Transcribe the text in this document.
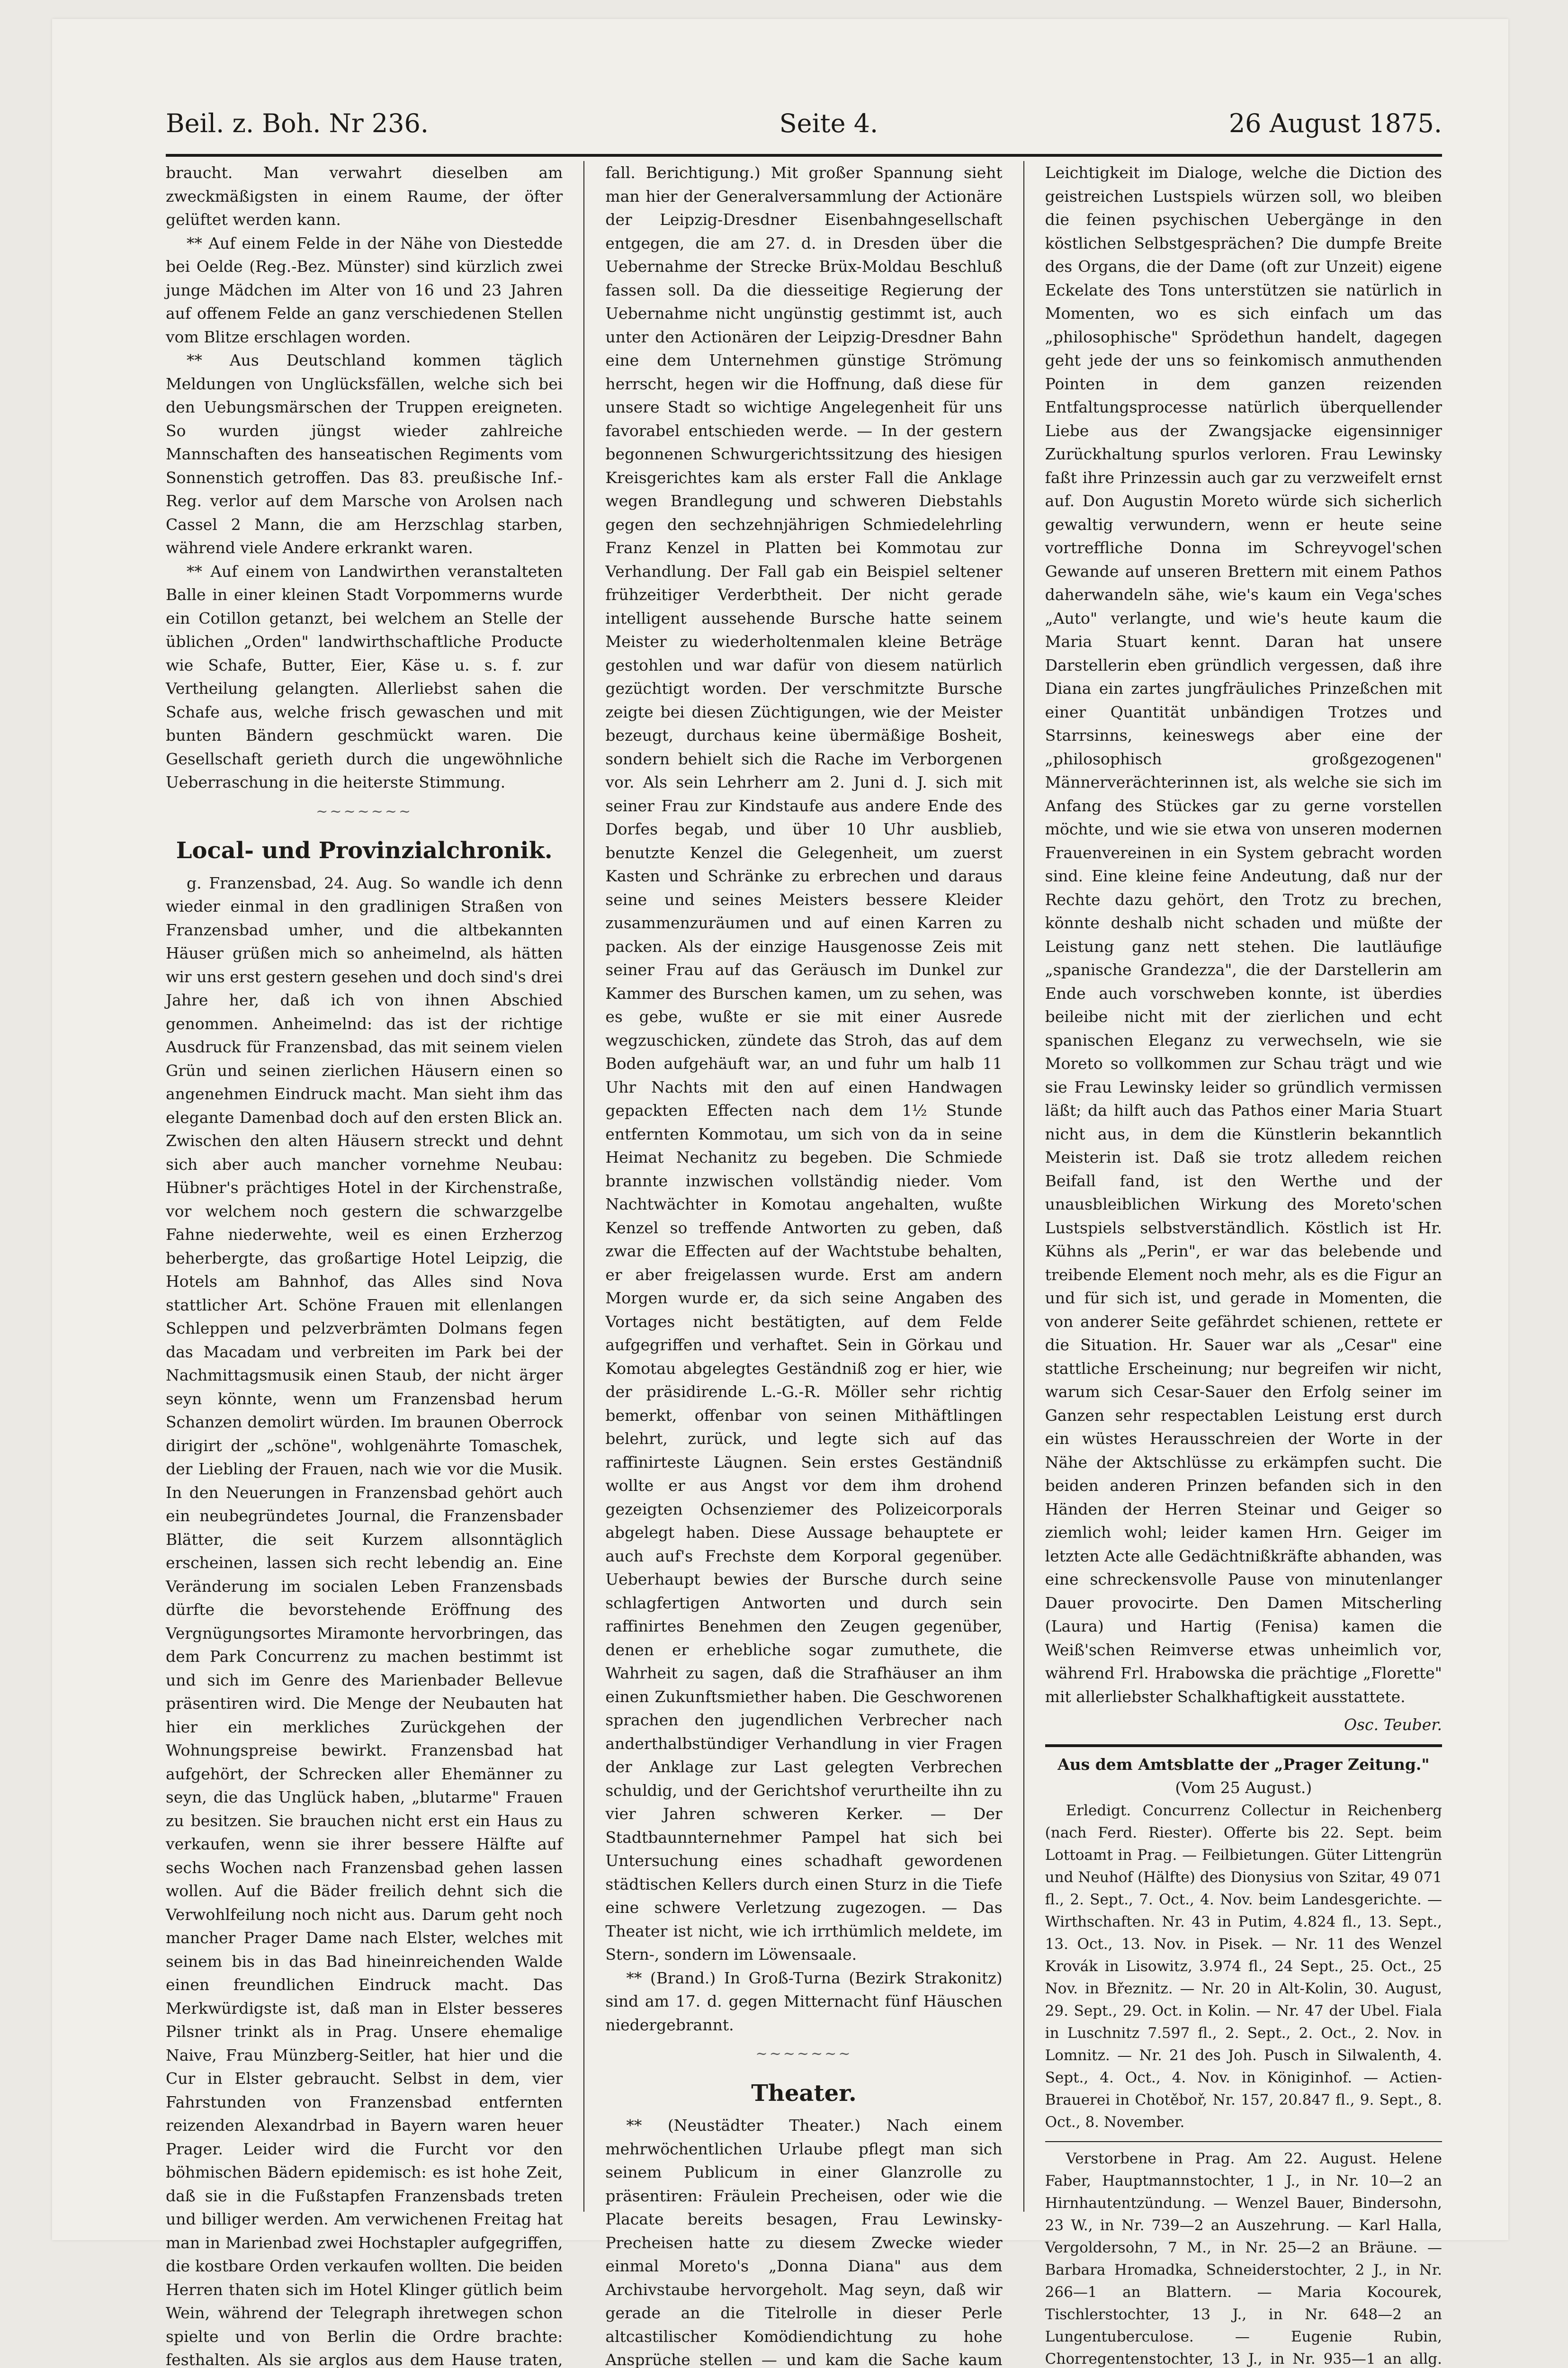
Beil. z. Boh. Nr 236.	Seite 4.	26 August 1875.

braucht. Man verwahrt dieselben am zweckmäßigsten in einem Raume, der öfter gelüftet werden kann.

** Auf einem Felde in der Nähe von Diestedde bei Oelde (Reg.-Bez. Münster) sind kürzlich zwei junge Mädchen im Alter von 16 und 23 Jahren auf offenem Felde an ganz verschiedenen Stellen vom Blitze erschlagen worden.

** Aus Deutschland kommen täglich Meldungen von Unglücksfällen, welche sich bei den Uebungsmärschen der Truppen ereigneten. So wurden jüngst wieder zahlreiche Mannschaften des hanseatischen Regiments vom Sonnenstich getroffen. Das 83. preußische Inf.-Reg. verlor auf dem Marsche von Arolsen nach Cassel 2 Mann, die am Herzschlag starben, während viele Andere erkrankt waren.

** Auf einem von Landwirthen veranstalteten Balle in einer kleinen Stadt Vorpommerns wurde ein Cotillon getanzt, bei welchem an Stelle der üblichen „Orden" landwirthschaftliche Producte wie Schafe, Butter, Eier, Käse u. s. f. zur Vertheilung gelangten. Allerliebst sahen die Schafe aus, welche frisch gewaschen und mit bunten Bändern geschmückt waren. Die Gesellschaft gerieth durch die ungewöhnliche Ueberraschung in die heiterste Stimmung.

~~~~~~~
Local- und Provinzialchronik.

g. Franzensbad, 24. Aug. So wandle ich denn wieder einmal in den gradlinigen Straßen von Franzensbad umher, und die altbekannten Häuser grüßen mich so anheimelnd, als hätten wir uns erst gestern gesehen und doch sind's drei Jahre her, daß ich von ihnen Abschied genommen. Anheimelnd: das ist der richtige Ausdruck für Franzensbad, das mit seinem vielen Grün und seinen zierlichen Häusern einen so angenehmen Eindruck macht. Man sieht ihm das elegante Damenbad doch auf den ersten Blick an. Zwischen den alten Häusern streckt und dehnt sich aber auch mancher vornehme Neubau: Hübner's prächtiges Hotel in der Kirchenstraße, vor welchem noch gestern die schwarzgelbe Fahne niederwehte, weil es einen Erzherzog beherbergte, das großartige Hotel Leipzig, die Hotels am Bahnhof, das Alles sind Nova stattlicher Art. Schöne Frauen mit ellenlangen Schleppen und pelzverbrämten Dolmans fegen das Macadam und verbreiten im Park bei der Nachmittagsmusik einen Staub, der nicht ärger seyn könnte, wenn um Franzensbad herum Schanzen demolirt würden. Im braunen Oberrock dirigirt der „schöne", wohlgenährte Tomaschek, der Liebling der Frauen, nach wie vor die Musik. In den Neuerungen in Franzensbad gehört auch ein neubegründetes Journal, die Franzensbader Blätter, die seit Kurzem allsonntäglich erscheinen, lassen sich recht lebendig an. Eine Veränderung im socialen Leben Franzensbads dürfte die bevorstehende Eröffnung des Vergnügungsortes Miramonte hervorbringen, das dem Park Concurrenz zu machen bestimmt ist und sich im Genre des Marienbader Bellevue präsentiren wird. Die Menge der Neubauten hat hier ein merkliches Zurückgehen der Wohnungspreise bewirkt. Franzensbad hat aufgehört, der Schrecken aller Ehemänner zu seyn, die das Unglück haben, „blutarme" Frauen zu besitzen. Sie brauchen nicht erst ein Haus zu verkaufen, wenn sie ihrer bessere Hälfte auf sechs Wochen nach Franzensbad gehen lassen wollen. Auf die Bäder freilich dehnt sich die Verwohlfeilung noch nicht aus. Darum geht noch mancher Prager Dame nach Elster, welches mit seinem bis in das Bad hineinreichenden Walde einen freundlichen Eindruck macht. Das Merkwürdigste ist, daß man in Elster besseres Pilsner trinkt als in Prag. Unsere ehemalige Naive, Frau Münzberg-Seitler, hat hier und die Cur in Elster gebraucht. Selbst in dem, vier Fahrstunden von Franzensbad entfernten reizenden Alexandrbad in Bayern waren heuer Prager. Leider wird die Furcht vor den böhmischen Bädern epidemisch: es ist hohe Zeit, daß sie in die Fußstapfen Franzensbads treten und billiger werden. Am verwichenen Freitag hat man in Marienbad zwei Hochstapler aufgegriffen, die kostbare Orden verkaufen wollten. Die beiden Herren thaten sich im Hotel Klinger gütlich beim Wein, während der Telegraph ihretwegen schon spielte und von Berlin die Ordre brachte: festhalten. Als sie arglos aus dem Hause traten,

fall. Berichtigung.) Mit großer Spannung sieht man hier der Generalversammlung der Actionäre der Leipzig-Dresdner Eisenbahngesellschaft entgegen, die am 27. d. in Dresden über die Uebernahme der Strecke Brüx-Moldau Beschluß fassen soll. Da die diesseitige Regierung der Uebernahme nicht ungünstig gestimmt ist, auch unter den Actionären der Leipzig-Dresdner Bahn eine dem Unternehmen günstige Strömung herrscht, hegen wir die Hoffnung, daß diese für unsere Stadt so wichtige Angelegenheit für uns favorabel entschieden werde. — In der gestern begonnenen Schwurgerichtssitzung des hiesigen Kreisgerichtes kam als erster Fall die Anklage wegen Brandlegung und schweren Diebstahls gegen den sechzehnjährigen Schmiedelehrling Franz Kenzel in Platten bei Kommotau zur Verhandlung. Der Fall gab ein Beispiel seltener frühzeitiger Verderbtheit. Der nicht gerade intelligent aussehende Bursche hatte seinem Meister zu wiederholtenmalen kleine Beträge gestohlen und war dafür von diesem natürlich gezüchtigt worden. Der verschmitzte Bursche zeigte bei diesen Züchtigungen, wie der Meister bezeugt, durchaus keine übermäßige Bosheit, sondern behielt sich die Rache im Verborgenen vor. Als sein Lehrherr am 2. Juni d. J. sich mit seiner Frau zur Kindstaufe aus andere Ende des Dorfes begab, und über 10 Uhr ausblieb, benutzte Kenzel die Gelegenheit, um zuerst Kasten und Schränke zu erbrechen und daraus seine und seines Meisters bessere Kleider zusammenzuräumen und auf einen Karren zu packen. Als der einzige Hausgenosse Zeis mit seiner Frau auf das Geräusch im Dunkel zur Kammer des Burschen kamen, um zu sehen, was es gebe, wußte er sie mit einer Ausrede wegzuschicken, zündete das Stroh, das auf dem Boden aufgehäuft war, an und fuhr um halb 11 Uhr Nachts mit den auf einen Handwagen gepackten Effecten nach dem 1½ Stunde entfernten Kommotau, um sich von da in seine Heimat Nechanitz zu begeben. Die Schmiede brannte inzwischen vollständig nieder. Vom Nachtwächter in Komotau angehalten, wußte Kenzel so treffende Antworten zu geben, daß zwar die Effecten auf der Wachtstube behalten, er aber freigelassen wurde. Erst am andern Morgen wurde er, da sich seine Angaben des Vortages nicht bestätigten, auf dem Felde aufgegriffen und verhaftet. Sein in Görkau und Komotau abgelegtes Geständniß zog er hier, wie der präsidirende L.-G.-R. Möller sehr richtig bemerkt, offenbar von seinen Mithäftlingen belehrt, zurück, und legte sich auf das raffinirteste Läugnen. Sein erstes Geständniß wollte er aus Angst vor dem ihm drohend gezeigten Ochsenziemer des Polizeicorporals abgelegt haben. Diese Aussage behauptete er auch auf's Frechste dem Korporal gegenüber. Ueberhaupt bewies der Bursche durch seine schlagfertigen Antworten und durch sein raffinirtes Benehmen den Zeugen gegenüber, denen er erhebliche sogar zumuthete, die Wahrheit zu sagen, daß die Strafhäuser an ihm einen Zukunftsmiether haben. Die Geschworenen sprachen den jugendlichen Verbrecher nach anderthalbstündiger Verhandlung in vier Fragen der Anklage zur Last gelegten Verbrechen schuldig, und der Gerichtshof verurtheilte ihn zu vier Jahren schweren Kerker. — Der Stadtbaunnternehmer Pampel hat sich bei Untersuchung eines schadhaft gewordenen städtischen Kellers durch einen Sturz in die Tiefe eine schwere Verletzung zugezogen. — Das Theater ist nicht, wie ich irrthümlich meldete, im Stern-, sondern im Löwensaale.

** (Brand.) In Groß-Turna (Bezirk Strakonitz) sind am 17. d. gegen Mitternacht fünf Häuschen niedergebrannt.

~~~~~~~
Theater.

** (Neustädter Theater.) Nach einem mehrwöchentlichen Urlaube pflegt man sich seinem Publicum in einer Glanzrolle zu präsentiren: Fräulein Precheisen, oder wie die Placate bereits besagen, Frau Lewinsky-Precheisen hatte zu diesem Zwecke wieder einmal Moreto's „Donna Diana" aus dem Archivstaube hervorgeholt. Mag seyn, daß wir gerade an die Titelrolle in dieser Perle altcastilischer Komödiendichtung zu hohe Ansprüche stellen — und kam die Sache kaum

Leichtigkeit im Dialoge, welche die Diction des geistreichen Lustspiels würzen soll, wo bleiben die feinen psychischen Uebergänge in den köstlichen Selbstgesprächen? Die dumpfe Breite des Organs, die der Dame (oft zur Unzeit) eigene Eckelate des Tons unterstützen sie natürlich in Momenten, wo es sich einfach um das „philosophische" Sprödethun handelt, dagegen geht jede der uns so feinkomisch anmuthenden Pointen in dem ganzen reizenden Entfaltungsprocesse natürlich überquellender Liebe aus der Zwangsjacke eigensinniger Zurückhaltung spurlos verloren. Frau Lewinsky faßt ihre Prinzessin auch gar zu verzweifelt ernst auf. Don Augustin Moreto würde sich sicherlich gewaltig verwundern, wenn er heute seine vortreffliche Donna im Schreyvogel'schen Gewande auf unseren Brettern mit einem Pathos daherwandeln sähe, wie's kaum ein Vega'sches „Auto" verlangte, und wie's heute kaum die Maria Stuart kennt. Daran hat unsere Darstellerin eben gründlich vergessen, daß ihre Diana ein zartes jungfräuliches Prinzeßchen mit einer Quantität unbändigen Trotzes und Starrsinns, keineswegs aber eine der „philosophisch großgezogenen" Männerverächterinnen ist, als welche sie sich im Anfang des Stückes gar zu gerne vorstellen möchte, und wie sie etwa von unseren modernen Frauenvereinen in ein System gebracht worden sind. Eine kleine feine Andeutung, daß nur der Rechte dazu gehört, den Trotz zu brechen, könnte deshalb nicht schaden und müßte der Leistung ganz nett stehen. Die lautläufige „spanische Grandezza", die der Darstellerin am Ende auch vorschweben konnte, ist überdies beileibe nicht mit der zierlichen und echt spanischen Eleganz zu verwechseln, wie sie Moreto so vollkommen zur Schau trägt und wie sie Frau Lewinsky leider so gründlich vermissen läßt; da hilft auch das Pathos einer Maria Stuart nicht aus, in dem die Künstlerin bekanntlich Meisterin ist. Daß sie trotz alledem reichen Beifall fand, ist den Werthe und der unausbleiblichen Wirkung des Moreto'schen Lustspiels selbstverständlich. Köstlich ist Hr. Kühns als „Perin", er war das belebende und treibende Element noch mehr, als es die Figur an und für sich ist, und gerade in Momenten, die von anderer Seite gefährdet schienen, rettete er die Situation. Hr. Sauer war als „Cesar" eine stattliche Erscheinung; nur begreifen wir nicht, warum sich Cesar-Sauer den Erfolg seiner im Ganzen sehr respectablen Leistung erst durch ein wüstes Herausschreien der Worte in der Nähe der Aktschlüsse zu erkämpfen sucht. Die beiden anderen Prinzen befanden sich in den Händen der Herren Steinar und Geiger so ziemlich wohl; leider kamen Hrn. Geiger im letzten Acte alle Gedächtnißkräfte abhanden, was eine schreckensvolle Pause von minutenlanger Dauer provocirte. Den Damen Mitscherling (Laura) und Hartig (Fenisa) kamen die Weiß'schen Reimverse etwas unheimlich vor, während Frl. Hrabowska die prächtige „Florette" mit allerliebster Schalkhaftigkeit ausstattete.

Osc. Teuber.
Aus dem Amtsblatte der „Prager Zeitung."
(Vom 25 August.)

Erledigt. Concurrenz Collectur in Reichenberg (nach Ferd. Riester). Offerte bis 22. Sept. beim Lottoamt in Prag. — Feilbietungen. Güter Littengrün und Neuhof (Hälfte) des Dionysius von Szitar, 49 071 fl., 2. Sept., 7. Oct., 4. Nov. beim Landesgerichte. — Wirthschaften. Nr. 43 in Putim, 4.824 fl., 13. Sept., 13. Oct., 13. Nov. in Pisek. — Nr. 11 des Wenzel Krovák in Lisowitz, 3.974 fl., 24 Sept., 25. Oct., 25 Nov. in Březnitz. — Nr. 20 in Alt-Kolin, 30. August, 29. Sept., 29. Oct. in Kolin. — Nr. 47 der Ubel. Fiala in Luschnitz 7.597 fl., 2. Sept., 2. Oct., 2. Nov. in Lomnitz. — Nr. 21 des Joh. Pusch in Silwalenth, 4. Sept., 4. Oct., 4. Nov. in Königinhof. — Actien-Brauerei in Chotěboř, Nr. 157, 20.847 fl., 9. Sept., 8. Oct., 8. November.

Verstorbene in Prag. Am 22. August. Helene Faber, Hauptmannstochter, 1 J., in Nr. 10—2 an Hirnhautentzündung. — Wenzel Bauer, Bindersohn, 23 W., in Nr. 739—2 an Auszehrung. — Karl Halla, Vergoldersohn, 7 M., in Nr. 25—2 an Bräune. — Barbara Hromadka, Schneiderstochter, 2 J., in Nr. 266—1 an Blattern. — Maria Kocourek, Tischlerstochter, 13 J., in Nr. 648—2 an Lungentuberculose. — Eugenie Rubin, Chorregentenstochter, 13 J., in Nr. 935—1 an allg.
